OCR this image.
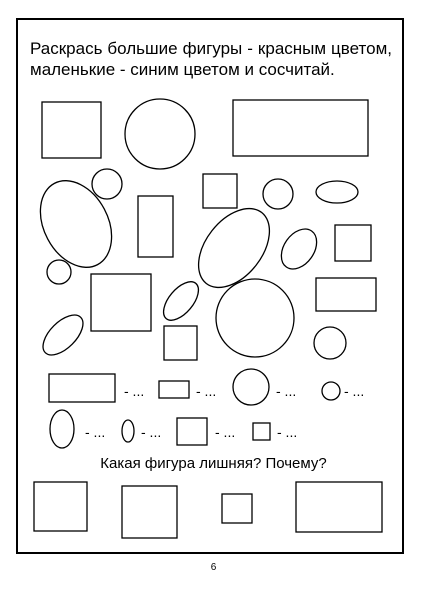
Раскрась большие фигуры - красным цветом, маленькие - синим цветом и сосчитай.

- ...	- ...	- ...	- ...
- ...	- ...	- ...	- ...
Какая фигура лишняя? Почему?
6
